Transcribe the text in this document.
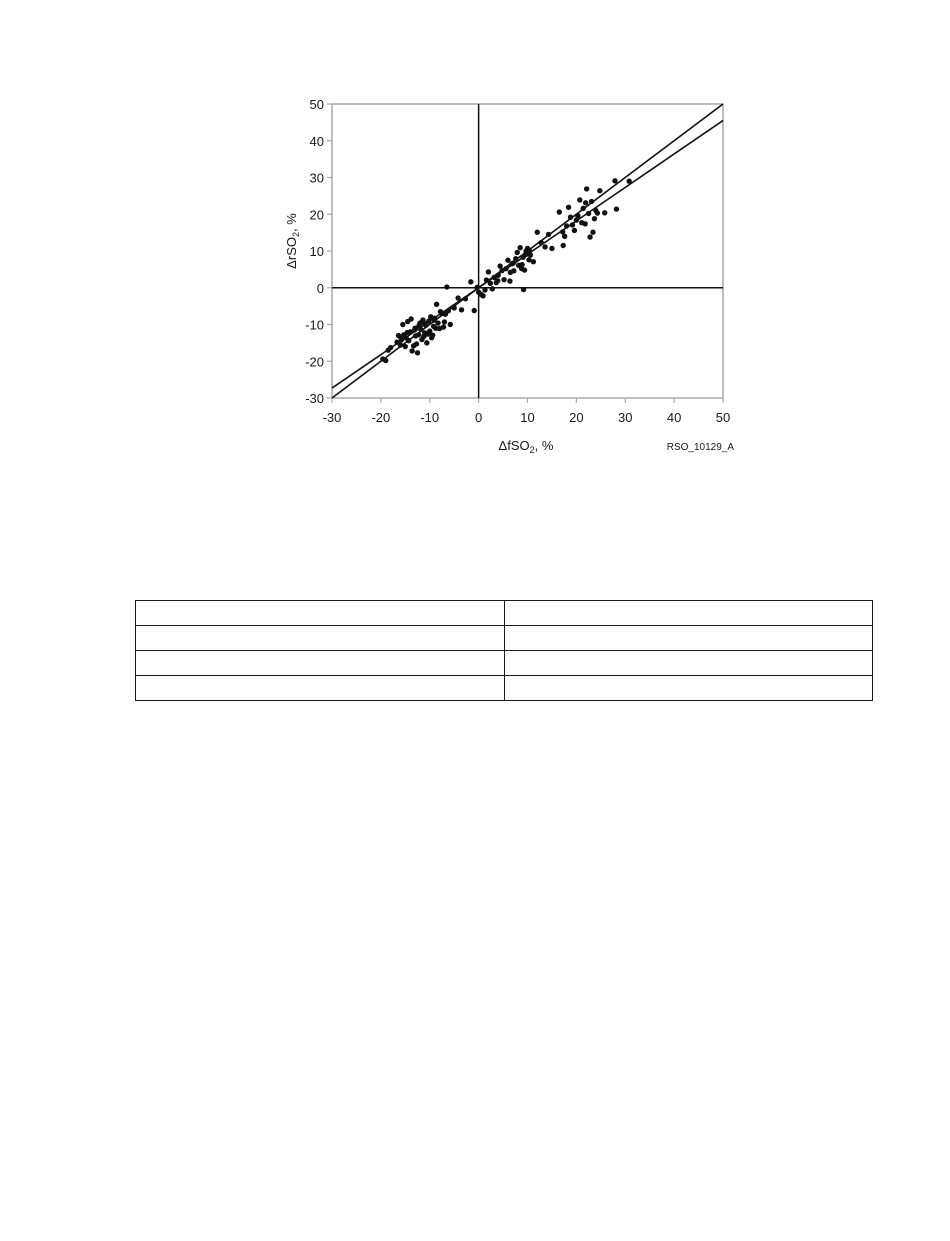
-30 -20 -10	0	10	20	30	40	50
-30
-20
-10
0
10
20
30
40
50
ΔfSO$_2$, %
ΔrSO$_2$, %
RSO_10129_A
